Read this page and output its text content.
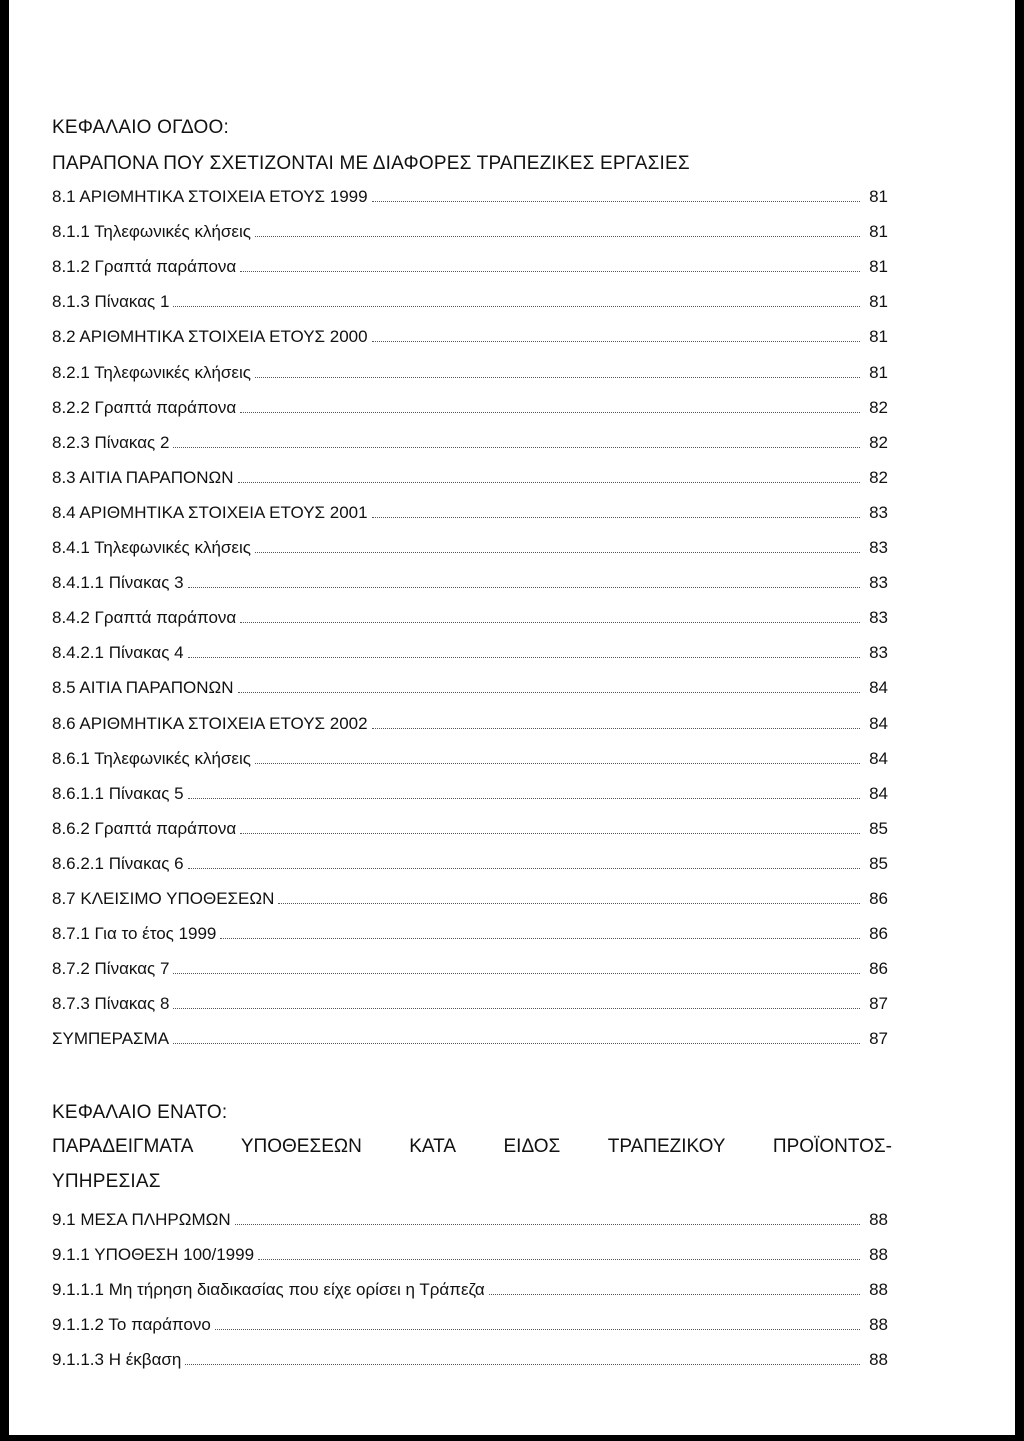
ΚΕΦΑΛΑΙΟ ΟΓΔΟΟ:
ΠΑΡΑΠΟΝΑ ΠΟΥ ΣΧΕΤΙΖΟΝΤΑΙ ΜΕ ΔΙΑΦΟΡΕΣ ΤΡΑΠΕΖΙΚΕΣ ΕΡΓΑΣΙΕΣ
8.1 ΑΡΙΘΜΗΤΙΚΑ ΣΤΟΙΧΕΙΑ ΕΤΟΥΣ 1999	81
8.1.1 Τηλεφωνικές κλήσεις	81
8.1.2 Γραπτά παράπονα	81
8.1.3 Πίνακας 1	81
8.2 ΑΡΙΘΜΗΤΙΚΑ ΣΤΟΙΧΕΙΑ ΕΤΟΥΣ 2000	81
8.2.1 Τηλεφωνικές κλήσεις	81
8.2.2 Γραπτά παράπονα	82
8.2.3 Πίνακας 2	82
8.3 ΑΙΤΙΑ ΠΑΡΑΠΟΝΩΝ	82
8.4 ΑΡΙΘΜΗΤΙΚΑ ΣΤΟΙΧΕΙΑ ΕΤΟΥΣ 2001	83
8.4.1 Τηλεφωνικές κλήσεις	83
8.4.1.1 Πίνακας 3	83
8.4.2 Γραπτά παράπονα	83
8.4.2.1 Πίνακας 4	83
8.5 ΑΙΤΙΑ ΠΑΡΑΠΟΝΩΝ	84
8.6 ΑΡΙΘΜΗΤΙΚΑ ΣΤΟΙΧΕΙΑ ΕΤΟΥΣ 2002	84
8.6.1 Τηλεφωνικές κλήσεις	84
8.6.1.1 Πίνακας 5	84
8.6.2 Γραπτά παράπονα	85
8.6.2.1 Πίνακας 6	85
8.7 ΚΛΕΙΣΙΜΟ ΥΠΟΘΕΣΕΩΝ	86
8.7.1 Για το έτος 1999	86
8.7.2 Πίνακας 7	86
8.7.3 Πίνακας 8	87
ΣΥΜΠΕΡΑΣΜΑ	87
ΚΕΦΑΛΑΙΟ ΕΝΑΤΟ:
ΠΑΡΑΔΕΙΓΜΑΤΑ ΥΠΟΘΕΣΕΩΝ ΚΑΤΑ ΕΙΔΟΣ ΤΡΑΠΕΖΙΚΟΥ ΠΡΟΪΟΝΤΟΣ-
ΥΠΗΡΕΣΙΑΣ
9.1 ΜΕΣΑ ΠΛΗΡΩΜΩΝ	88
9.1.1 ΥΠΟΘΕΣΗ 100/1999	88
9.1.1.1 Μη τήρηση διαδικασίας που είχε ορίσει η Τράπεζα	88
9.1.1.2 Το παράπονο	88
9.1.1.3 Η έκβαση	88
